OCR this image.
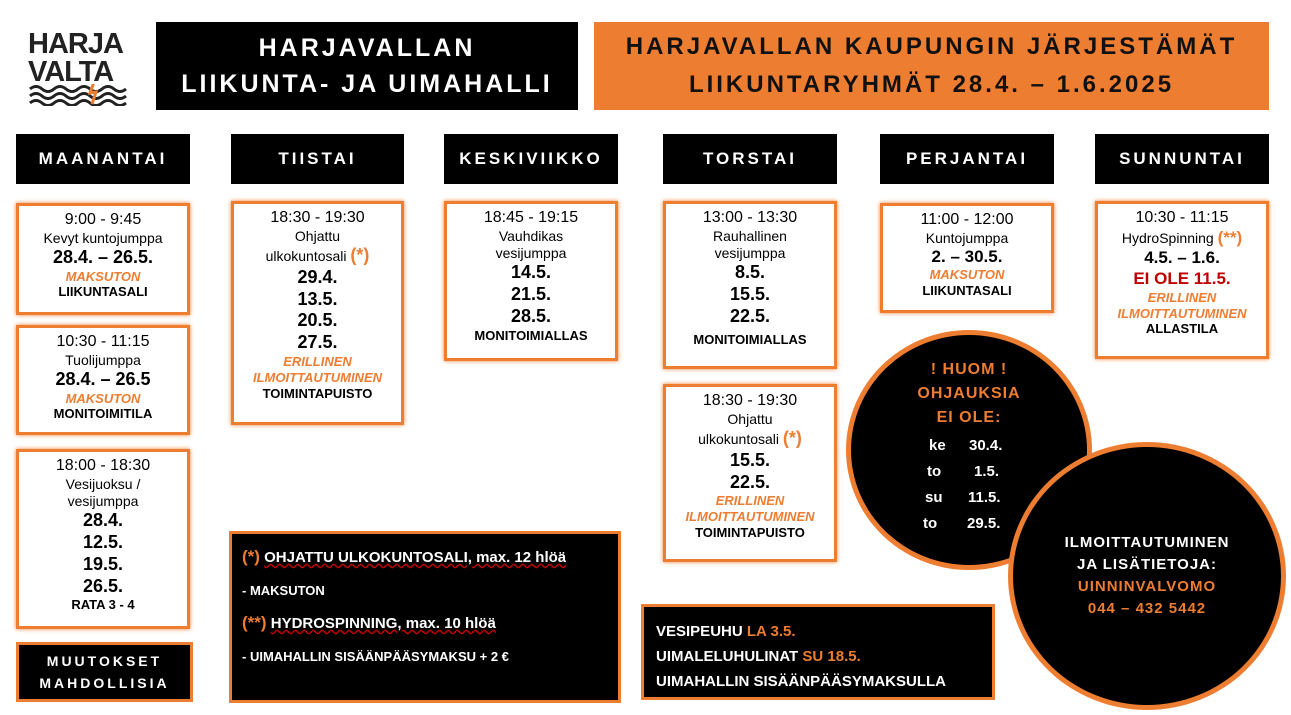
HARJA
VALTA
HARJAVALLAN
LIIKUNTA- JA UIMAHALLI
HARJAVALLAN KAUPUNGIN JÄRJESTÄMÄT
LIIKUNTARYHMÄT 28.4. – 1.6.2025
MAANANTAI	TIISTAI	KESKIVIIKKO	TORSTAI	PERJANTAI	SUNNUNTAI
9:00 - 9:45
Kevyt kuntojumppa
28.4. – 26.5.
MAKSUTON
LIIKUNTASALI
10:30 - 11:15
Tuolijumppa
28.4. – 26.5
MAKSUTON
MONITOIMITILA
18:00 - 18:30
Vesijuoksu /
vesijumppa
28.4.
12.5.
19.5.
26.5.
RATA 3 - 4
MUUTOKSET
MAHDOLLISIA
18:30 - 19:30
Ohjattu
ulkokuntosali (*)
29.4.
13.5.
20.5.
27.5.
ERILLINEN
ILMOITTAUTUMINEN
TOIMINTAPUISTO
18:45 - 19:15
Vauhdikas
vesijumppa
14.5.
21.5.
28.5.
MONITOIMIALLAS
13:00 - 13:30
Rauhallinen
vesijumppa
8.5.
15.5.
22.5.
MONITOIMIALLAS
18:30 - 19:30
Ohjattu
ulkokuntosali (*)
15.5.
22.5.
ERILLINEN
ILMOITTAUTUMINEN
TOIMINTAPUISTO
11:00 - 12:00
Kuntojumppa
2. – 30.5.
MAKSUTON
LIIKUNTASALI
10:30 - 11:15
HydroSpinning (**)
4.5. – 1.6.
EI OLE 11.5.
ERILLINEN
ILMOITTAUTUMINEN
ALLASTILA
(*) OHJATTU ULKOKUNTOSALI, max. 12 hlöä
- MAKSUTON
(**) HYDROSPINNING, max. 10 hlöä
- UIMAHALLIN SISÄÄNPÄÄSYMAKSU + 2 €
VESIPEUHU LA 3.5.
UIMALELUHULINAT SU 18.5.
UIMAHALLIN SISÄÄNPÄÄSYMAKSULLA
! HUOM !
OHJAUKSIA
EI OLE:
ke 30.4.
to 1.5.
su 11.5.
to 29.5.
ILMOITTAUTUMINEN
JA LISÄTIETOJA:
UINNINVALVOMO
044 – 432 5442
